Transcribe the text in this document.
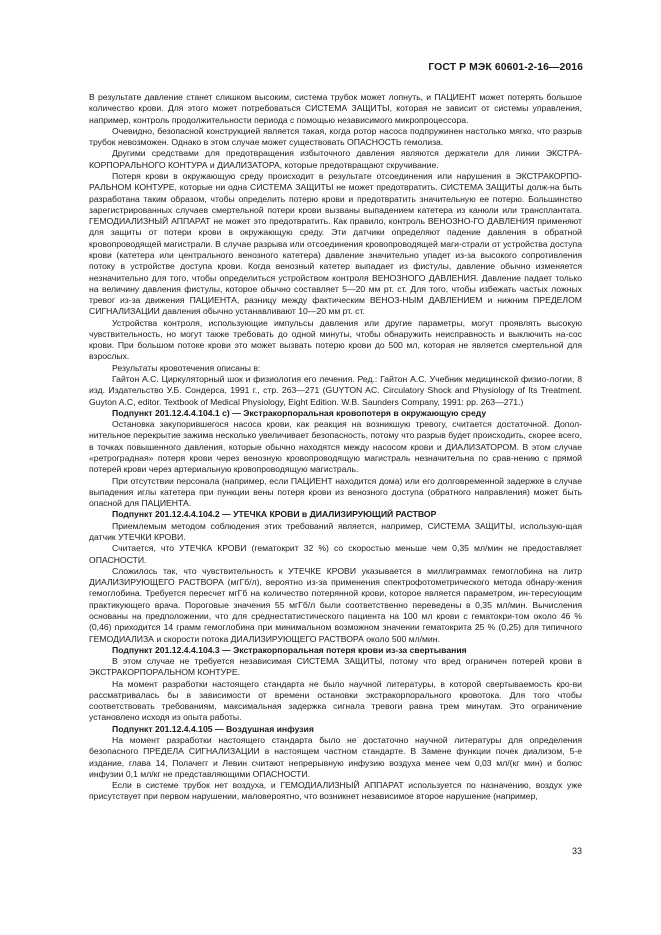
ГОСТ Р МЭК 60601-2-16—2016

В результате давление станет слишком высоким, система трубок может лопнуть, и ПАЦИЕНТ может потерять большое количество крови. Для этого может потребоваться СИСТЕМА ЗАЩИТЫ, которая не зависит от системы управления, например, контроль продолжительности периода с помощью независимого микропроцессора.

Очевидно, безопасной конструкцией является такая, когда ротор насоса подпружинен настолько мягко, что разрыв трубок невозможен. Однако в этом случае может существовать ОПАСНОСТЬ гемолиза.

Другими средствами для предотвращения избыточного давления являются держатели для линии ЭКСТРА-КОРПОРАЛЬНОГО КОНТУРА и ДИАЛИЗАТОРА, которые предотвращают скручивание.

Потеря крови в окружающую среду происходит в результате отсоединения или нарушения в ЭКСТРАКОРПО-РАЛЬНОМ КОНТУРЕ, которые ни одна СИСТЕМА ЗАЩИТЫ не может предотвратить. СИСТЕМА ЗАЩИТЫ долж-на быть разработана таким образом, чтобы определить потерю крови и предотвратить значительную ее потерю. Большинство зарегистрированных случаев смертельной потери крови вызваны выпадением катетера из канюли или трансплантата. ГЕМОДИАЛИЗНЫЙ АППАРАТ не может это предотвратить. Как правило, контроль ВЕНОЗНО-ГО ДАВЛЕНИЯ применяют для защиты от потери крови в окружающую среду. Эти датчики определяют падение давления в обратной кровопроводящей магистрали. В случае разрыва или отсоединения кровопроводящей маги-страли от устройства доступа крови (катетера или центрального венозного катетера) давление значительно упадет из-за высокого сопротивления потоку в устройстве доступа крови. Когда венозный катетер выпадает из фистулы, давление обычно изменяется незначительно для того, чтобы определиться устройством контроля ВЕНОЗНОГО ДАВЛЕНИЯ. Давление падает только на величину давления фистулы, которое обычно составляет 5—20 мм рт. ст. Для того, чтобы избежать частых ложных тревог из-за движения ПАЦИЕНТА, разницу между фактическим ВЕНОЗ-НЫМ ДАВЛЕНИЕМ и нижним ПРЕДЕЛОМ СИГНАЛИЗАЦИИ давления обычно устанавливают 10—20 мм рт. ст.

Устройства контроля, использующие импульсы давления или другие параметры, могут проявлять высокую чувствительность, но могут также требовать до одной минуты, чтобы обнаружить неисправность и выключить на-сос крови. При большом потоке крови это может вызвать потерю крови до 500 мл, которая не является смертельной для взрослых.

Результаты кровотечения описаны в:

Гайтон А.С. Циркуляторный шок и физиология его лечения. Ред.: Гайтон А.С. Учебник медицинской физио-логии, 8 изд. Издательство У.Б. Сондерса, 1991 г., стр. 263—271 (GUYTON AC. Circulatory Shock and Physiology of Its Treatment. Guyton A.C, editor. Textbook of Medical Physiology, Eight Edition. W.B. Saunders Company, 1991: pp. 263—271.)

Подпункт 201.12.4.4.104.1 c) — Экстракорпоральная кровопотеря в окружающую среду

Остановка закупорившегося насоса крови, как реакция на возникшую тревогу, считается достаточной. Допол-нительное перекрытие зажима несколько увеличивает безопасность, потому что разрыв будет происходить, скорее всего, в точках повышенного давления, которые обычно находятся между насосом крови и ДИАЛИЗАТОРОМ. В этом случае «ретроградная» потеря крови через венозную кровопроводящую магистраль незначительна по срав-нению с прямой потерей крови через артериальную кровопроводящую магистраль.

При отсутствии персонала (например, если ПАЦИЕНТ находится дома) или его долговременной задержке в случае выпадения иглы катетера при пункции вены потеря крови из венозного доступа (обратного направления) может быть опасной для ПАЦИЕНТА.

Подпункт 201.12.4.4.104.2 — УТЕЧКА КРОВИ в ДИАЛИЗИРУЮЩИЙ РАСТВОР

Приемлемым методом соблюдения этих требований является, например, СИСТЕМА ЗАЩИТЫ, использую-щая датчик УТЕЧКИ КРОВИ.

Считается, что УТЕЧКА КРОВИ (гематокрит 32 %) со скоростью меньше чем 0,35 мл/мин не предоставляет ОПАСНОСТИ.

Сложилось так, что чувствительность к УТЕЧКЕ КРОВИ указывается в миллиграммах гемоглобина на литр ДИАЛИЗИРУЮЩЕГО РАСТВОРА (мгГб/л), вероятно из-за применения спектрофотометрического метода обнару-жения гемоглобина. Требуется пересчет мгГб на количество потерянной крови, которое является параметром, ин-тересующим практикующего врача. Пороговые значения 55 мгГб/л были соответственно переведены в 0,35 мл/мин. Вычисления основаны на предположении, что для среднестатистического пациента на 100 мл крови с гематокри-том около 46 % (0,46) приходится 14 грамм гемоглобина при минимальном возможном значении гематокрита 25 % (0,25) для типичного ГЕМОДИАЛИЗА и скорости потока ДИАЛИЗИРУЮЩЕГО РАСТВОРА около 500 мл/мин.

Подпункт 201.12.4.4.104.3 — Экстракорпоральная потеря крови из-за свертывания

В этом случае не требуется независимая СИСТЕМА ЗАЩИТЫ, потому что вред ограничен потерей крови в ЭКСТРАКОРПОРАЛЬНОМ КОНТУРЕ.

На момент разработки настоящего стандарта не было научной литературы, в которой свертываемость кро-ви рассматривалась бы в зависимости от времени остановки экстракорпорального кровотока. Для того чтобы соответствовать требованиям, максимальная задержка сигнала тревоги равна трем минутам. Это ограничение установлено исходя из опыта работы.

Подпункт 201.12.4.4.105 — Воздушная инфузия

На момент разработки настоящего стандарта было не достаточно научной литературы для определения безопасного ПРЕДЕЛА СИГНАЛИЗАЦИИ в настоящем частном стандарте. В Замене функции почек диализом, 5-е издание, глава 14, Полачегг и Левин считают непрерывную инфузию воздуха менее чем 0,03 мл/(кг мин) и болюс инфузии 0,1 мл/кг не представляющими ОПАСНОСТИ.

Если в системе трубок нет воздуха, и ГЕМОДИАЛИЗНЫЙ АППАРАТ используется по назначению, воздух уже присутствует при первом нарушении, маловероятно, что возникнет независимое второе нарушение (например,

33
